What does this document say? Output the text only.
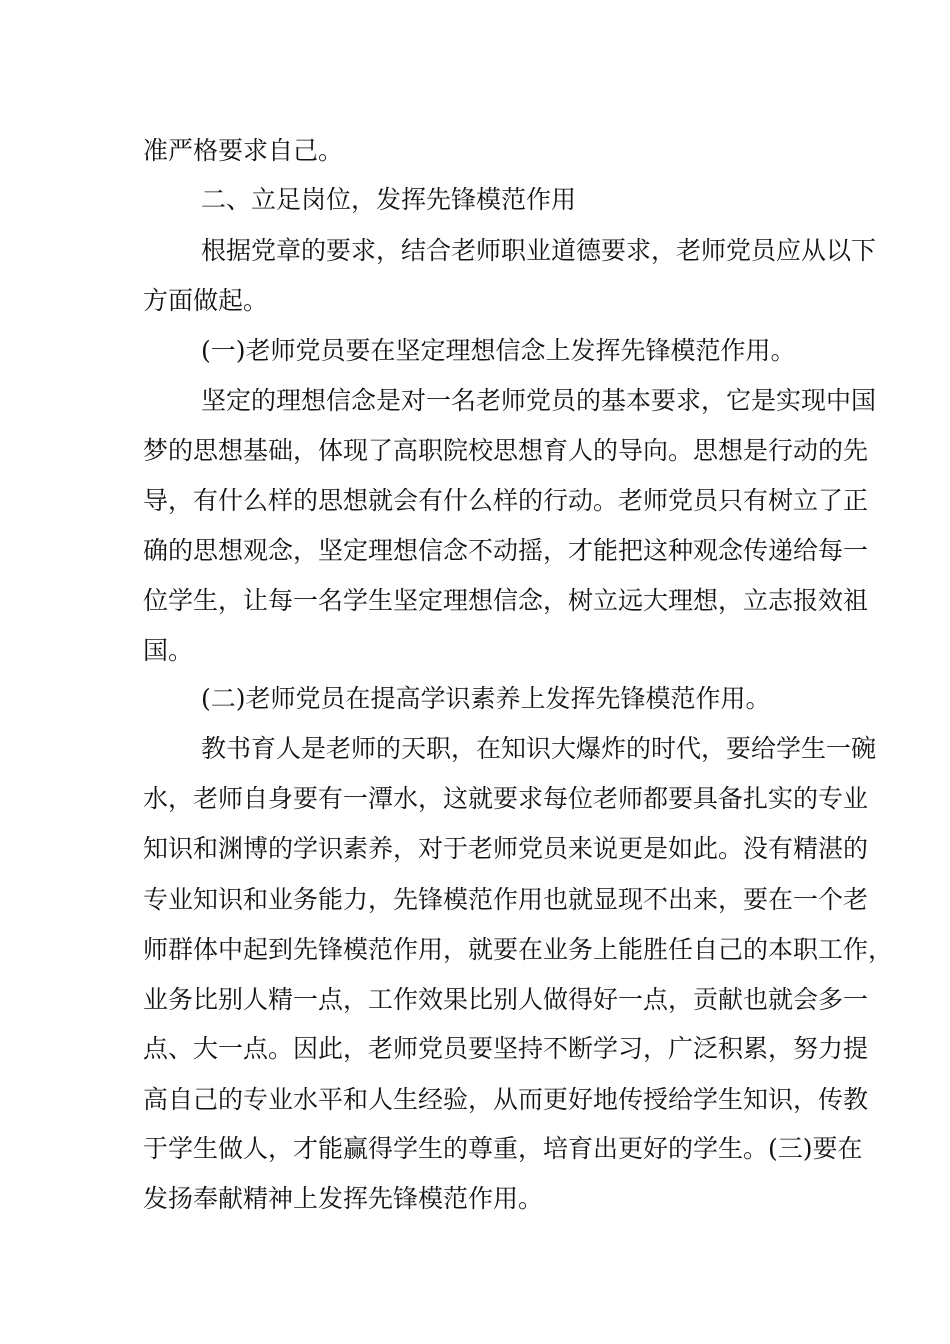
准严格要求自己。
二、立足岗位，发挥先锋模范作用
根据党章的要求，结合老师职业道德要求，老师党员应从以下
方面做起。
(一)老师党员要在坚定理想信念上发挥先锋模范作用。
坚定的理想信念是对一名老师党员的基本要求，它是实现中国
梦的思想基础，体现了高职院校思想育人的导向。思想是行动的先
导，有什么样的思想就会有什么样的行动。老师党员只有树立了正
确的思想观念，坚定理想信念不动摇，才能把这种观念传递给每一
位学生，让每一名学生坚定理想信念，树立远大理想，立志报效祖
国。
(二)老师党员在提高学识素养上发挥先锋模范作用。
教书育人是老师的天职，在知识大爆炸的时代，要给学生一碗
水，老师自身要有一潭水，这就要求每位老师都要具备扎实的专业
知识和渊博的学识素养，对于老师党员来说更是如此。没有精湛的
专业知识和业务能力，先锋模范作用也就显现不出来，要在一个老
师群体中起到先锋模范作用，就要在业务上能胜任自己的本职工作，
业务比别人精一点，工作效果比别人做得好一点，贡献也就会多一
点、大一点。因此，老师党员要坚持不断学习，广泛积累，努力提
高自己的专业水平和人生经验，从而更好地传授给学生知识，传教
于学生做人，才能赢得学生的尊重，培育出更好的学生。(三)要在
发扬奉献精神上发挥先锋模范作用。
